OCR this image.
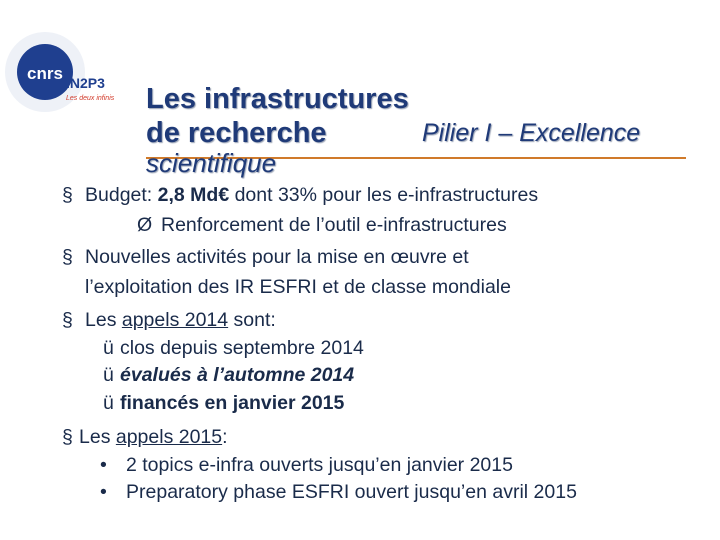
cnrs IN2P3
Les deux infinis Les infrastructures
de recherche	Pilier I – Excellence
scientifique
§ Budget: 2,8 Md€ dont 33% pour les e-infrastructures
Ø Renforcement de l’outil e-infrastructures
§ Nouvelles activités pour la mise en œuvre et
l’exploitation des IR ESFRI et de classe mondiale
§ Les appels 2014 sont:
ü clos depuis septembre 2014
ü évalués à l’automne 2014
ü financés en janvier 2015
§ Les appels 2015:
• 2 topics e-infra ouverts jusqu’en janvier 2015
• Preparatory phase ESFRI ouvert jusqu’en avril 2015
